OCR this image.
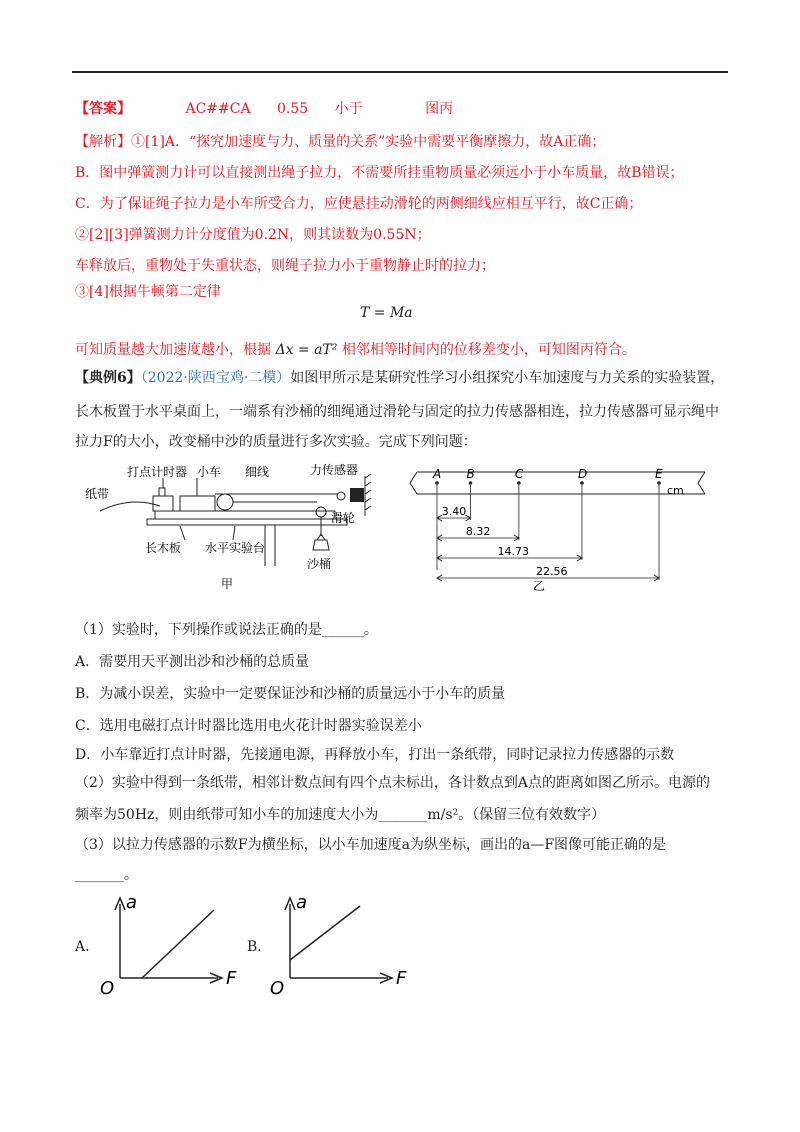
【答案】	AC##CA 0.55 小于	图丙
【解析】①[1]A．“探究加速度与力、质量的关系”实验中需要平衡摩擦力，故A正确；
B．图中弹簧测力计可以直接测出绳子拉力，不需要所挂重物质量必须远小于小车质量，故B错误；
C．为了保证绳子拉力是小车所受合力，应使悬挂动滑轮的两侧细线应相互平行，故C正确；
②[2][3]弹簧测力计分度值为0.2N，则其读数为0.55N；
车释放后，重物处于失重状态，则绳子拉力小于重物静止时的拉力；
③[4]根据牛顿第二定律
T = Ma
可知质量越大加速度越小，根据 Δx = aT² 相邻相等时间内的位移差变小，可知图丙符合。
【典例6】（2022·陕西宝鸡·二模）如图甲所示是某研究性学习小组探究小车加速度与力关系的实验装置，
长木板置于水平桌面上，一端系有沙桶的细绳通过滑轮与固定的拉力传感器相连，拉力传感器可显示绳中
拉力F的大小，改变桶中沙的质量进行多次实验。完成下列问题：
打点计时器 小车 细线	力传感器
纸带
滑轮
长木板 水平实验台
沙桶
甲
A B	C	D	E
3.40
8.32
14.73
22.56
cm
乙
（1）实验时，下列操作或说法正确的是______。
A．需要用天平测出沙和沙桶的总质量
B．为减小误差，实验中一定要保证沙和沙桶的质量远小于小车的质量
C．选用电磁打点计时器比选用电火花计时器实验误差小
D．小车靠近打点计时器，先接通电源，再释放小车，打出一条纸带，同时记录拉力传感器的示数
（2）实验中得到一条纸带，相邻计数点间有四个点未标出，各计数点到A点的距离如图乙所示。电源的
频率为50Hz，则由纸带可知小车的加速度大小为_______m/s²。（保留三位有效数字）
（3）以拉力传感器的示数F为横坐标，以小车加速度a为纵坐标，画出的a—F图像可能正确的是
_______。
A．
a
F
O
B．
a
F
O
